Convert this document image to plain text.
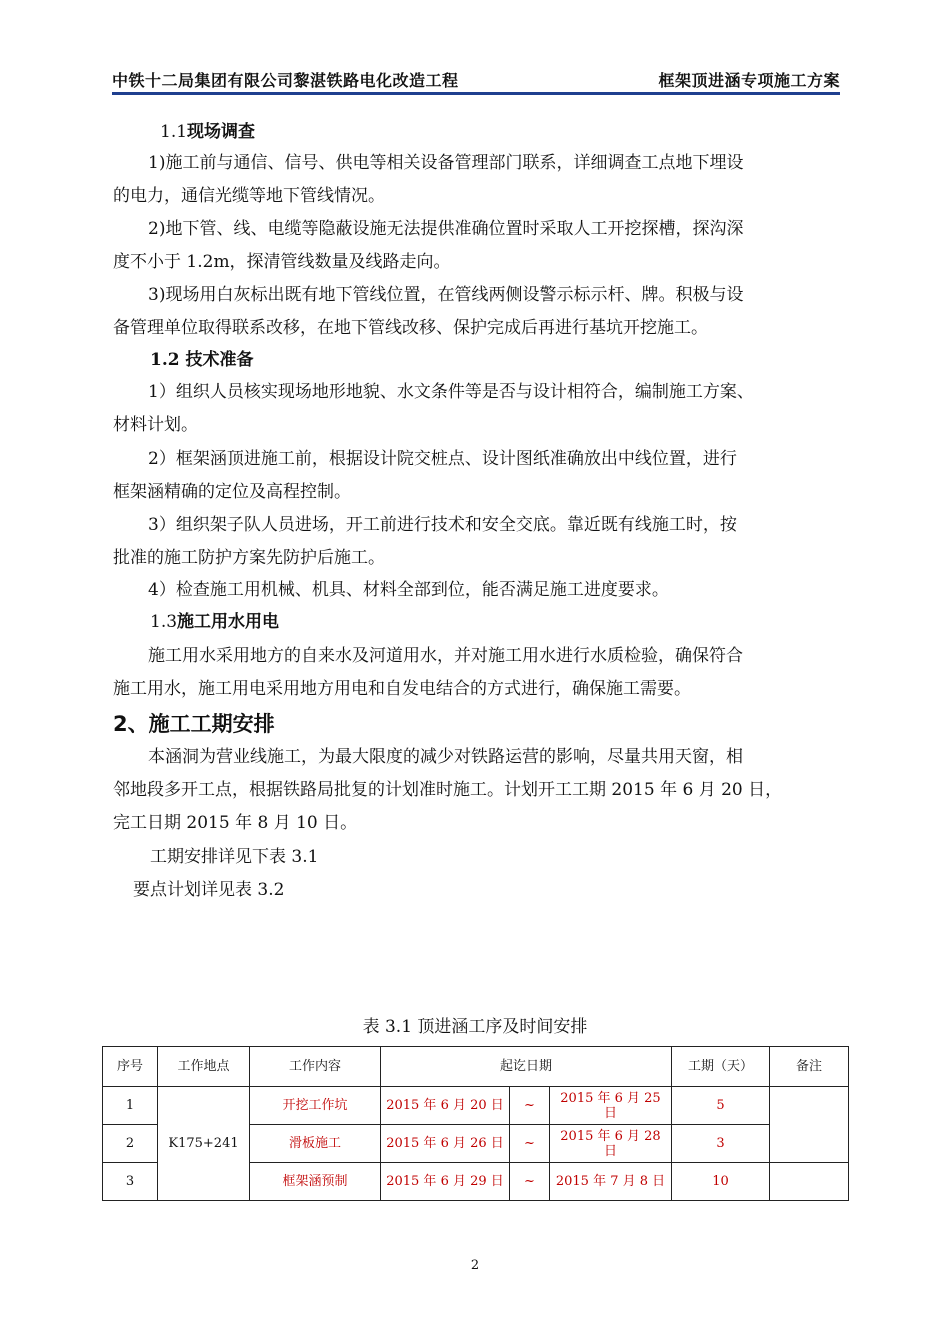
中铁十二局集团有限公司黎湛铁路电化改造工程	框架顶进涵专项施工方案
1.1现场调查
1)施工前与通信、信号、供电等相关设备管理部门联系，详细调查工点地下埋设
的电力，通信光缆等地下管线情况。
2)地下管、线、电缆等隐蔽设施无法提供准确位置时采取人工开挖探槽，探沟深
度不小于 1.2m，探清管线数量及线路走向。
3)现场用白灰标出既有地下管线位置，在管线两侧设警示标示杆、牌。积极与设
备管理单位取得联系改移，在地下管线改移、保护完成后再进行基坑开挖施工。
1.2 技术准备
1）组织人员核实现场地形地貌、水文条件等是否与设计相符合，编制施工方案、
材料计划。
2）框架涵顶进施工前，根据设计院交桩点、设计图纸准确放出中线位置，进行
框架涵精确的定位及高程控制。
3）组织架子队人员进场，开工前进行技术和安全交底。靠近既有线施工时，按
批准的施工防护方案先防护后施工。
4）检查施工用机械、机具、材料全部到位，能否满足施工进度要求。
1.3施工用水用电
施工用水采用地方的自来水及河道用水，并对施工用水进行水质检验，确保符合
施工用水，施工用电采用地方用电和自发电结合的方式进行，确保施工需要。
2、施工工期安排
本涵洞为营业线施工，为最大限度的减少对铁路运营的影响，尽量共用天窗，相
邻地段多开工点，根据铁路局批复的计划准时施工。计划开工工期 2015 年 6 月 20 日，
完工日期 2015 年 8 月 10 日。
工期安排详见下表 3.1
要点计划详见表 3.2
表 3.1 顶进涵工序及时间安排
序号	工作地点	工作内容	起讫日期			工期（天）	备注
1	K175+241	开挖工作坑	2015 年 6 月 20 日	~	2015 年 6 月 25 日	5	
2		滑板施工	2015 年 6 月 26 日	~	2015 年 6 月 28 日	3	
3		框架涵预制	2015 年 6 月 29 日	~	2015 年 7 月 8 日	10	
2
